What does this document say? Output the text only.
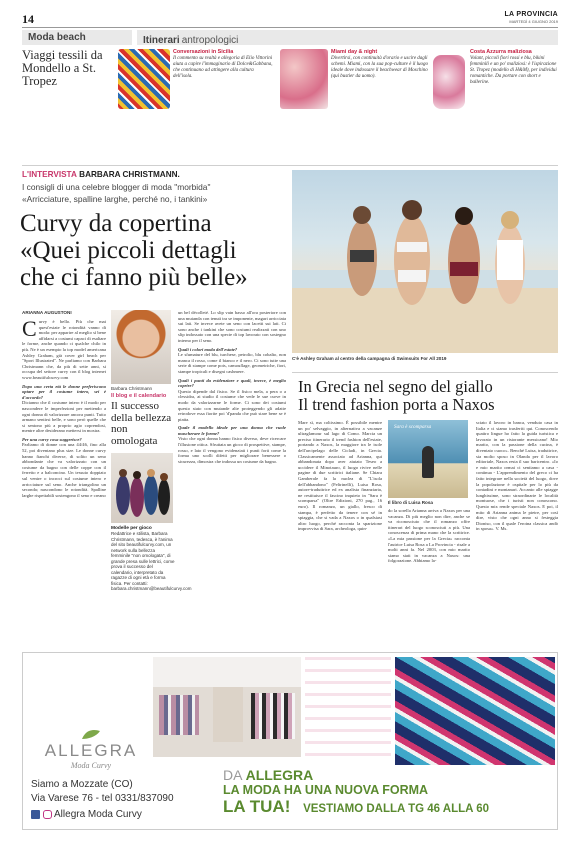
14	LA PROVINCIA
MARTEDÌ 4 GIUGNO 2019
Moda beach	Itinerari antropologici
Viaggi tessili da Mondello a St. Tropez
Conversazioni in Sicilia
Il commento su realtà e allegoria di Elio Vittorini aiuta a capire l'immaginario di Dolce&Gabbana, che continuano ad attingere alla cultura dell'isola.
Miami day & night
Divertirsi, con continuità d'orario e uscire dagli schemi. Miami, con la sua pop-culture è il luogo ideale dove indossare il beachwear di Moschino (qui bustier da uomo).
Costa Azzurra maliziosa
Volant, piccoli fiori rossi e blu, bikini femminili e un po' maliziosi: è l'ispirazione St. Tropez (modello di H&M), per individui romantiche. Da portare con short e ballerine.
L'INTERVISTA BARBARA CHRISTMANN.
I consigli di una celebre blogger di moda "morbida"
«Arricciature, spalline larghe, perché no, i tankini»
Curvy da copertina
«Quei piccoli dettagli
che ci fanno più belle»
C'è Ashley Graham al centro della campagna di Swimsuits For All 2019
ARIANNA AUGUSTONI
C urvy è bello. Più che mai quest'estate le rotondità vanno di moda: per apparire al meglio sì bene affidarsi a costumi capaci di esaltare le forme, anche quando ci qualche chilo in più. Ne è un esempio la top model americana Ashley Graham, già cover girl beach per "Sport Illustrated". Ne parliamo con Barbara Christmann che, da più di sette anni, si occupa del settore curvy con il blog internet www.beautifulcurvy.com
Dopo una certa età le donne preferiscono optare per il costume intero, sei è d'accordo?
Dicianno che il costume intero è il modo per nascondere le imperfezioni per mettendo a ogni donna di valorizzare ancora punti. Tutto armano sentirsi belle, e sono però quelle che si sentono più a proprio agio coprendosi, mentre altre desiderano mettersi in mostra.
Per una curvy cosa suggerisce?
Parliamo di donne con una 44/46, fino alla 52, poi diventano plus size. Le donne curvy hanno fianchi diverse, di solito un seno abbondante che va valorizzato con un costume da bagno con delle coppe con il ferretto e a balconcino. Un tessuto doppiato sul ventre o incroci sul costume intero e arricciature sul seno. Anche triangolino un seconda; nascondono le rotondità. Spalline larghe rispettabili sostengono il seno e creano
Barbara Christmann
Il blog e il calendario
Il successo della bellezza non omologata
Modelle per gioco
Redattrice e stilista, Barbara Christmann, tedesca, è l'anima del sito beautifulcurvy.com, un network sulla bellezza femminile "non omologata", di grande presa sulle lettrici, come prova il successo del calendario, interpretato da ragazze di ogni età e forma fisica. Per contatti: barbara.christmann@beautifulcurvy.com
un bel décolleté. Lo slip vain basso all'ora posteriore con una mutanda con tenuti tra se imponente, magari arricciata sui lati. Se invece avete un seno con lacetti sui lati. Ci sono anche i tankini che sono costumi realizzati con uno slip indossato con una specie di top lavorato con sostegno interno per il seno.
Quali i colori moda dell'estate?
Le sfumature del blu, turchese, petrolio, blu cobalto, non manca il rosso, come il bianco e il nero. Ci sono tutte una serie di stampe come pois, camouflage, geometriche, fiori, stampe tropicali e disegni cashmere.
Quali i punti da evidenziare e quali, invece, è meglio coprire?
Questo dipende dal fisico. Se il fisico mela, a pera o a clessidra, ai studio il costume che vede le sue curve in modo da valorizzarne le forme. Ci sono dei costumi questo stato con mutande alte proteggendo gli adatte retrodove essa fiorite poi 'd'panda che può stare bene se è piatta.
Quale il modello ideale per una donna che vuole mascherare le forme?
Visto che ogni donna hanno fisico diverso, deve ricercare l'illusione ottica. Sfruttata un gioco di prospettive, stampe, rosso, e lato il vengono evidenziati i punti forti come la forma uno scolli difetti per migliorare benessere o sicurezza, dimostra che indossa un costume da bagno.
In Grecia nel segno del giallo
Il trend fashion porta a Naxos
Mare sì, ma coltissimo. È possibile mentre un po' selvaggio, in alternativa a vacanze ultraglamour sul lago di Como. Marcia un preciso itinerario il trend fashion dell'estate, portando a Naxos, la maggiore tra le isole dell'arcipelago delle Cicladi, in Grecia. Classicamente associato ad Arianna, qui abbandonata dopo aver aiutato Teseo a uccidere il Minotauro, il luogo rivive nelle pagine di due scrittrici italiane. Se Chiara Gamberale fa la nuclea di "L'isola dell'abbandono" (Feltrinelli), Luisa Rosa, autore-traduttrice ed ex analista finanziaria, ne restituisce il fascino inquieto in "Sara è scomparsa" (Oltre Edizioni, 270 pag., 16 euro). Il romanzo, un giallo, fresco di stampa, è perfetto da tenere con sé in spiaggia, che si vada a Naxos o in qualsiasi altro luogo, perché racconta la sparizione improvvisa di Sara, archeologa, quin-
Sara è scomparsa
Il libro di Luisa Rosa
do la sorella Arianna arriva a Naxos per una vacanza. Di più meglio non dire, anche se va riconosciuto che il romanzo offre itinerari del luogo sconosciuti a più. Una conoscenza di prima mano che la scrittrice. «La mia passione per la Grecia» racconta l'autrice Luisa Rosa a La Provincia - risale a molti anni fa. Nel 2003, con mio marito siamo stati in vacanza a Naxos: una folgorazione. Abbiamo la-
sciato il lavoro in banca, venduto casa in Italia e ci siamo trasferiti qui. Conoscendo quattro lingue ho fatto la guida turistica e lavorato in un ristorante messicano! Mio marito, con la passione della cucina, è diventato cuoco». Benché Luisa, traduttrice, sia molto sposo in Olanda per il lavoro editoriale, Naxos resta il suo baricentro. «Io e mio marito ormai ci sentiamo a casa - continua - L'apprendimento del greco ci ha fatto integrare nella società del luogo, dove la popolazione è ospitale per lo più da contadini e montanari. Accanto alle spiagge lunghissime, sono straordinarie le località montuose, che i turisti non conoscono. Questo mix rende speciale Naxos. E poi, il mito di Arianna anima le pietre, per così dire, visto che ogni anno si festeggia Dioniso, con il quale l'eroina classica andò in sposa». V. Ms.
ALLEGRA
Moda Curvy
Siamo a Mozzate (CO)
Via Varese 76 - tel 0331/837090
Allegra Moda Curvy
DA ALLEGRA
LA MODA HA UNA NUOVA FORMA
LA TUA! VESTIAMO DALLA TG 46 ALLA 60
